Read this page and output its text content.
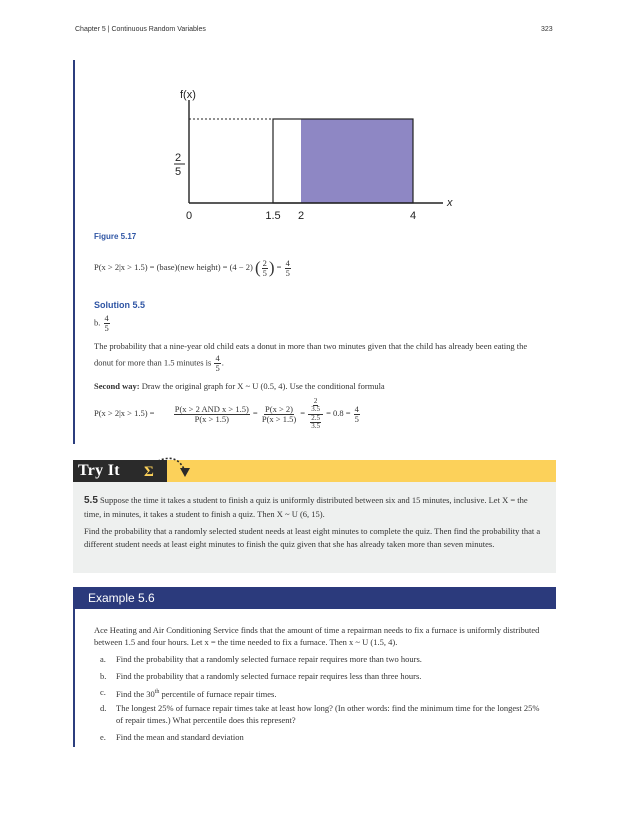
Chapter 5 | Continuous Random Variables	323
f(x)
x
2
5
0	1.5 2	4
Figure 5.17
P(x > 2|x > 1.5) = (base)(new height) = (4 − 2) ( $\frac{2}{5}$ ) = $\frac{4}{5}$
Solution 5.5
b. $\frac{4}{5}$
The probability that a nine-year old child eats a donut in more than two minutes given that the child has already been eating the donut for more than 1.5 minutes is $\frac{4}{5}$ .
Second way: Draw the original graph for X ~ U (0.5, 4). Use the conditional formula
$P(x > 2|x > 1.5) = \frac{\text{P(x > 2 AND x > 1.5)}}{P(x > 1.5)} = \frac{P(x > 2)}{P(x > 1.5)} = \frac{\frac{2}{3.5}}{\frac{2.5}{3.5}} = 0.8 = \frac{4}{5}$
Try It Σ
5.5 Suppose the time it takes a student to finish a quiz is uniformly distributed between six and 15 minutes, inclusive. Let X = the time, in minutes, it takes a student to finish a quiz. Then X ~ U (6, 15).
Find the probability that a randomly selected student needs at least eight minutes to complete the quiz. Then find the probability that a different student needs at least eight minutes to finish the quiz given that she has already taken more than seven minutes.
Example 5.6
Ace Heating and Air Conditioning Service finds that the amount of time a repairman needs to fix a furnace is uniformly distributed between 1.5 and four hours. Let x = the time needed to fix a furnace. Then x ~ U (1.5, 4).
a.	Find the probability that a randomly selected furnace repair requires more than two hours.
b.	Find the probability that a randomly selected furnace repair requires less than three hours.
c.	Find the 30th percentile of furnace repair times.
d.	The longest 25% of furnace repair times take at least how long? (In other words: find the minimum time for the longest 25% of repair times.) What percentile does this represent?
e.	Find the mean and standard deviation
